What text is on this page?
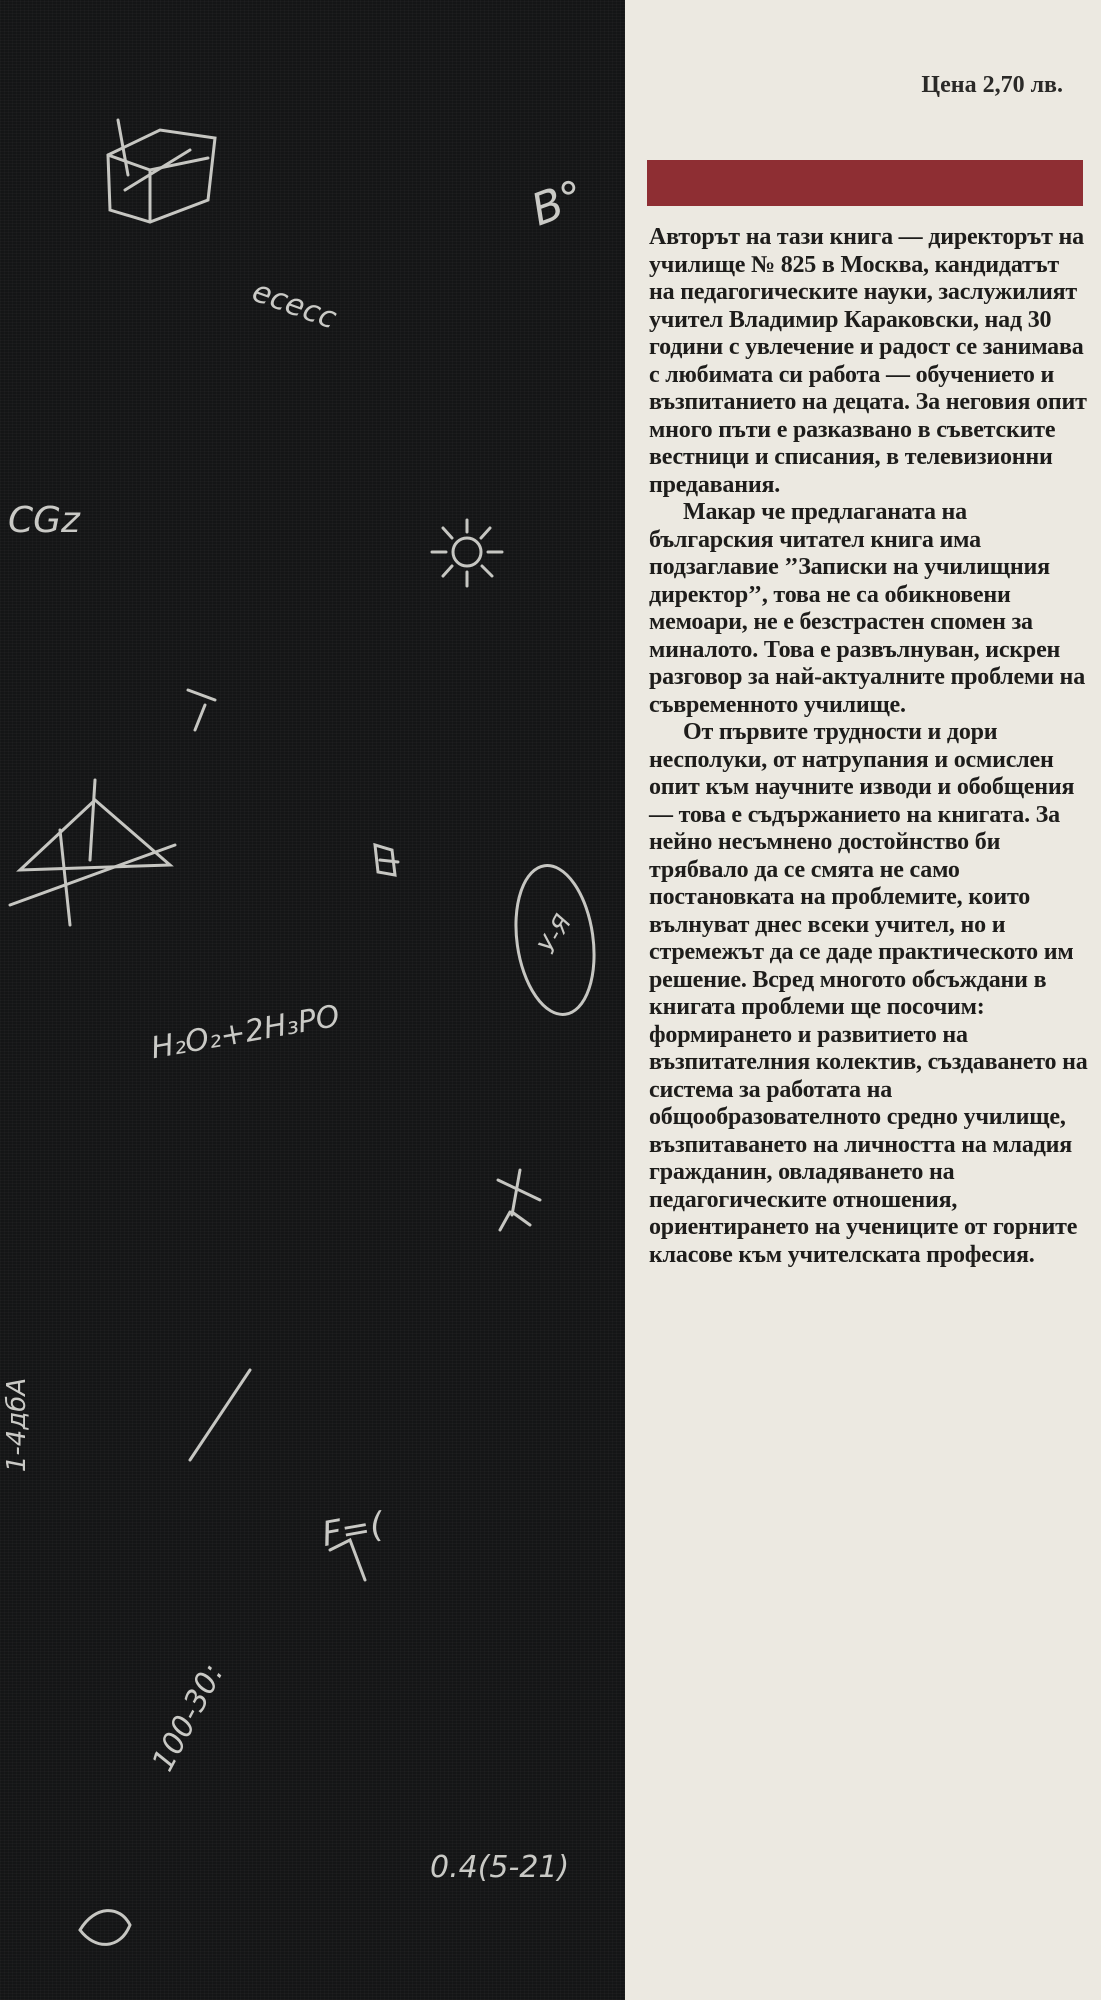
B°
ɔɔǝɔǝ
CGz
H₂O₂+2H₃PO
F=(
100-30:
0.4(5-21)
1-4дбА
У-Я
Цена 2,70 лв.

Авторът на тази книга — директорът на училище № 825 в Москва, кандидатът на педагогическите науки, заслужилият учител Владимир Караковски, над 30 години с увлечение и радост се занимава с любимата си работа — обучението и възпитанието на децата. За неговия опит много пъти е разказвано в съветските вестници и списания, в телевизионни предавания.

Макар че предлаганата на българския читател книга има подзаглавие ’’Записки на училищния директор’’, това не са обикновени мемоари, не е безстрастен спомен за миналото. Това е развълнуван, искрен разговор за най-актуалните проблеми на съвременното училище.

От първите трудности и дори несполуки, от натрупания и осмислен опит към научните изводи и обобщения — това е съдържанието на книгата. За нейно несъмнено достойнство би трябвало да се смята не само постановката на проблемите, които вълнуват днес всеки учител, но и стремежът да се даде практическото им решение. Всред многото обсъждани в книгата проблеми ще посочим: формирането и развитието на възпитателния колектив, създаването на система за работата на общообразователното средно училище, възпитаването на личността на младия гражданин, овладяването на педагогическите отношения, ориентирането на учениците от горните класове към учителската професия.
